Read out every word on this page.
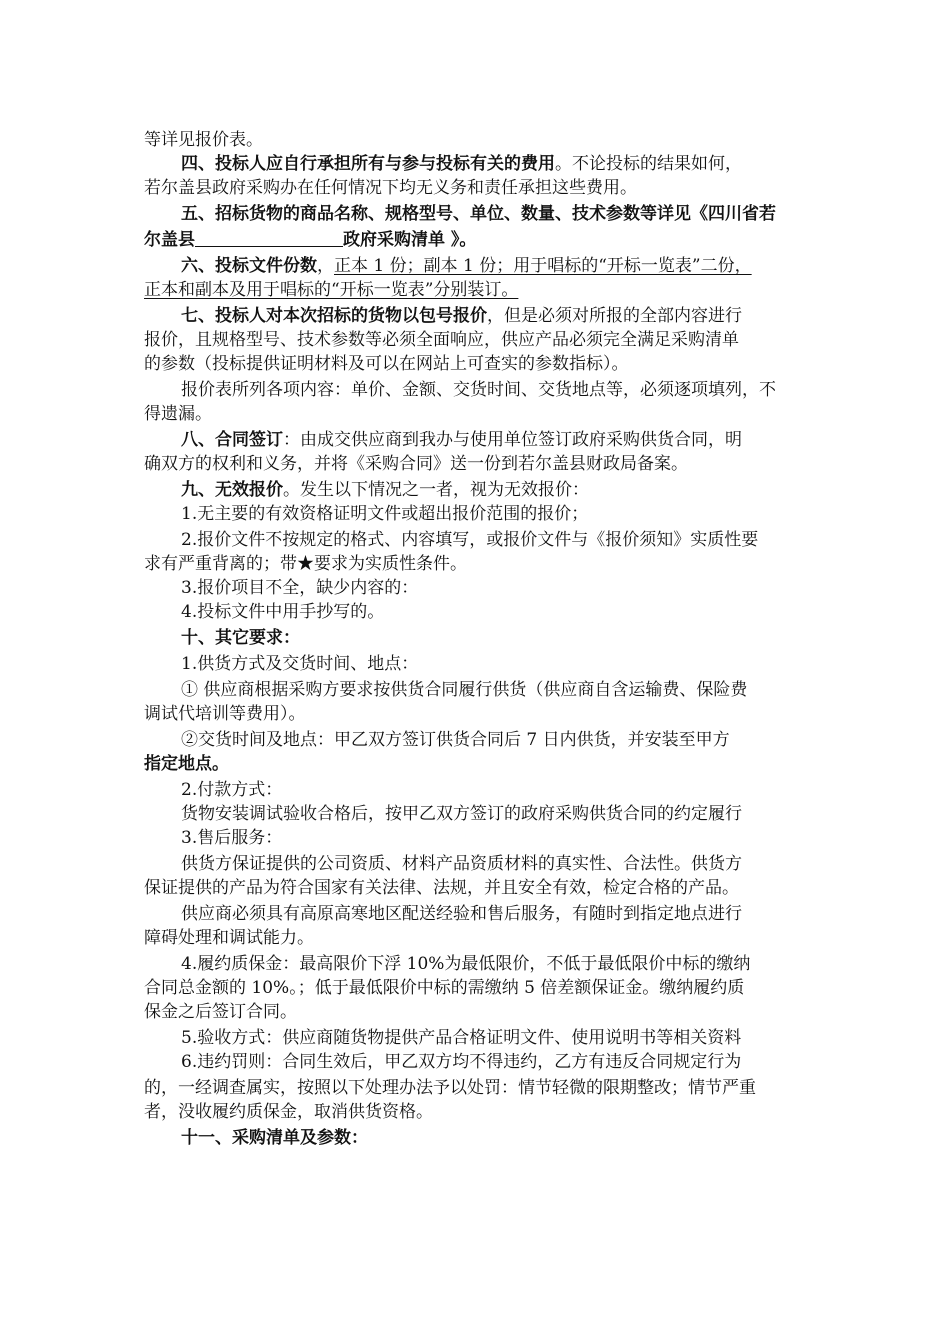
等详见报价表。
四、投标人应自行承担所有与参与投标有关的费用。不论投标的结果如何，
若尔盖县政府采购办在任何情况下均无义务和责任承担这些费用。
五、招标货物的商品名称、规格型号、单位、数量、技术参数等详见《四川省若
尔盖县	政府采购清单 》。
六、投标文件份数，正本 1 份；副本 1 份；用于唱标的“开标一览表”二份，
正本和副本及用于唱标的“开标一览表”分别装订。
七、投标人对本次招标的货物以包号报价，但是必须对所报的全部内容进行
报价，且规格型号、技术参数等必须全面响应，供应产品必须完全满足采购清单
的参数（投标提供证明材料及可以在网站上可查实的参数指标）。
报价表所列各项内容：单价、金额、交货时间、交货地点等，必须逐项填列，不
得遗漏。
八、合同签订：由成交供应商到我办与使用单位签订政府采购供货合同，明
确双方的权利和义务，并将《采购合同》送一份到若尔盖县财政局备案。
九、无效报价。发生以下情况之一者，视为无效报价：
1.无主要的有效资格证明文件或超出报价范围的报价；
2.报价文件不按规定的格式、内容填写，或报价文件与《报价须知》实质性要
求有严重背离的；带★要求为实质性条件。
3.报价项目不全，缺少内容的：
4.投标文件中用手抄写的。
十、其它要求：
1.供货方式及交货时间、地点：
① 供应商根据采购方要求按供货合同履行供货（供应商自含运输费、保险费
调试代培训等费用）。
②交货时间及地点：甲乙双方签订供货合同后 7 日内供货，并安装至甲方
指定地点。
2.付款方式：
货物安装调试验收合格后，按甲乙双方签订的政府采购供货合同的约定履行
3.售后服务：
供货方保证提供的公司资质、材料产品资质材料的真实性、合法性。供货方
保证提供的产品为符合国家有关法律、法规，并且安全有效，检定合格的产品。
供应商必须具有高原高寒地区配送经验和售后服务，有随时到指定地点进行
障碍处理和调试能力。
4.履约质保金：最高限价下浮 10%为最低限价，不低于最低限价中标的缴纳
合同总金额的 10%。；低于最低限价中标的需缴纳 5 倍差额保证金。缴纳履约质
保金之后签订合同。
5.验收方式：供应商随货物提供产品合格证明文件、使用说明书等相关资料
6.违约罚则：合同生效后，甲乙双方均不得违约，乙方有违反合同规定行为
的，一经调查属实，按照以下处理办法予以处罚：情节轻微的限期整改；情节严重
者，没收履约质保金，取消供货资格。
十一、采购清单及参数：
